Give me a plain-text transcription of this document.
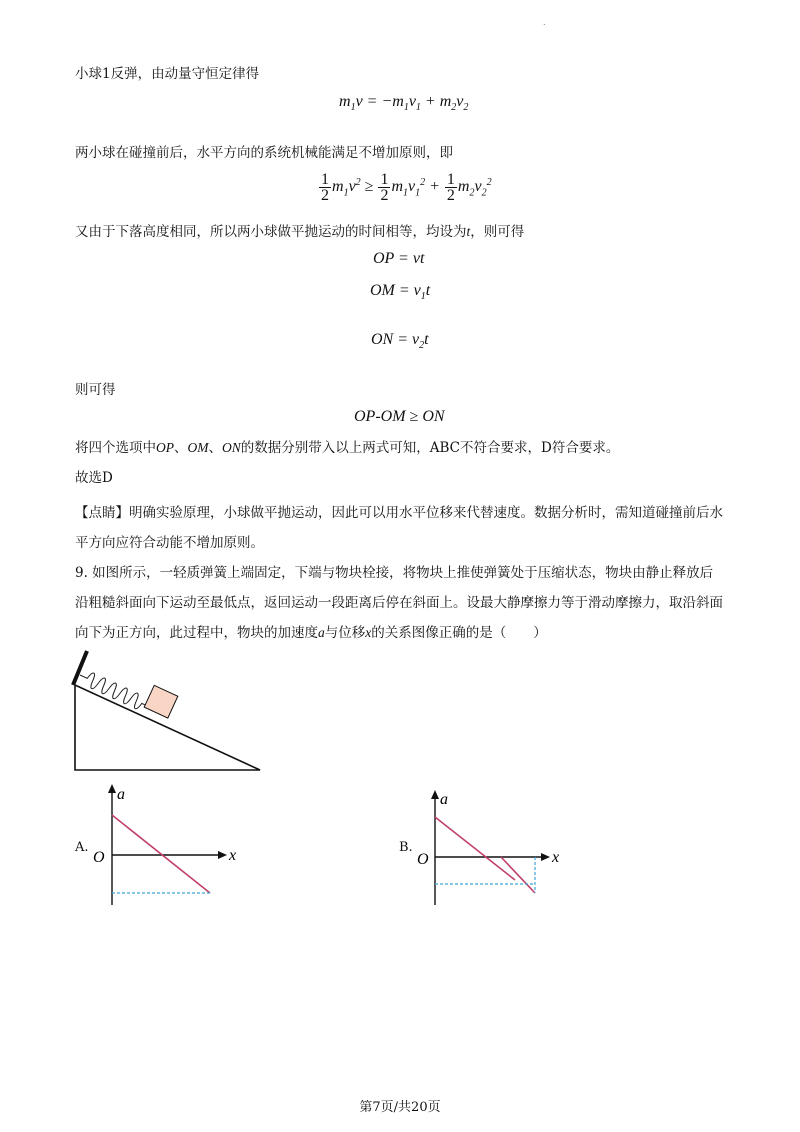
.
小球1反弹，由动量守恒定律得
$m_1v = -m_1v_1 + m_2v_2$
两小球在碰撞前后，水平方向的系统机械能满足不增加原则，即
$\frac{1}{2} m_1v^2 \ge \frac{1}{2} m_1v_1^2 + \frac{1}{2} m_2v_2^2$
又由于下落高度相同，所以两小球做平抛运动的时间相等，均设为t，则可得
OP = vt
OM = $v_1t$
ON = $v_2t$
则可得
OP-OM ≥ ON
将四个选项中OP、OM、ON的数据分别带入以上两式可知，ABC不符合要求，D符合要求。
故选D
【点睛】明确实验原理，小球做平抛运动，因此可以用水平位移来代替速度。数据分析时，需知道碰撞前后水平方向应符合动能不增加原则。
9. 如图所示，一轻质弹簧上端固定，下端与物块栓接，将物块上推使弹簧处于压缩状态，物块由静止释放后沿粗糙斜面向下运动至最低点，返回运动一段距离后停在斜面上。设最大静摩擦力等于滑动摩擦力，取沿斜面向下为正方向，此过程中，物块的加速度a与位移x的关系图像正确的是（　　）
A.
a
x
O
B.
a
x
O
第7页/共20页
